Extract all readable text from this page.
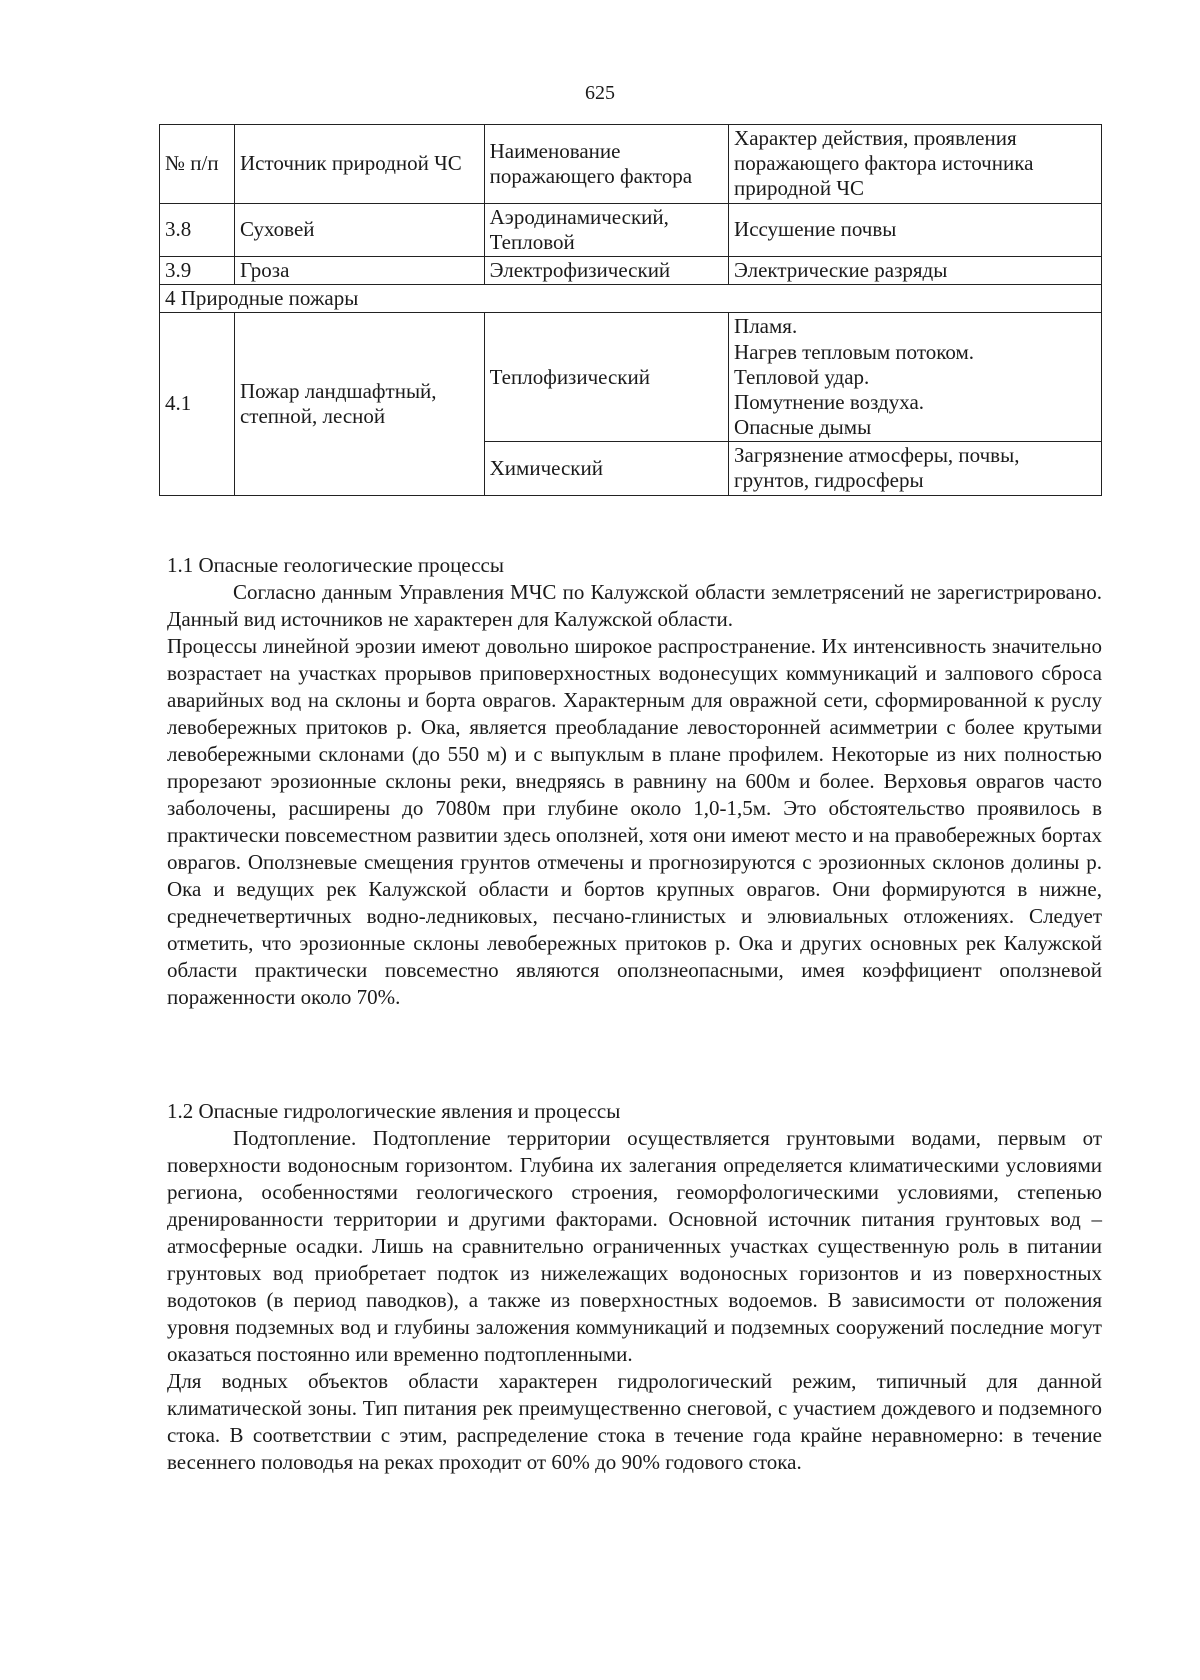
625
№ п/п	Источник природной ЧС	Наименование поражающего фактора	Характер действия, проявления поражающего фактора источника природной ЧС
3.8	Суховей	Аэродинамический, Тепловой	Иссушение почвы
3.9	Гроза	Электрофизический	Электрические разряды
4 Природные пожары			
4.1	Пожар ландшафтный, степной, лесной	Теплофизический	Пламя.
Нагрев тепловым потоком.
Тепловой удар.
Помутнение воздуха.
Опасные дымы

		Химический	Загрязнение атмосферы, почвы, грунтов, гидросферы

1.1 Опасные геологические процессы

Согласно данным Управления МЧС по Калужской области землетрясений не зарегистрировано. Данный вид источников не характерен для Калужской области.

Процессы линейной эрозии имеют довольно широкое распространение. Их интенсивность значительно возрастает на участках прорывов приповерхностных водонесущих коммуникаций и залпового сброса аварийных вод на склоны и борта оврагов. Характерным для овражной сети, сформированной к руслу левобережных притоков р. Ока, является преобладание левосторонней асимметрии с более крутыми левобережными склонами (до 550 м) и с выпуклым в плане профилем. Некоторые из них полностью прорезают эрозионные склоны реки, внедряясь в равнину на 600м и более. Верховья оврагов часто заболочены, расширены до 7080м при глубине около 1,0-1,5м. Это обстоятельство проявилось в практически повсеместном развитии здесь оползней, хотя они имеют место и на правобережных бортах оврагов. Оползневые смещения грунтов отмечены и прогнозируются с эрозионных склонов долины р. Ока и ведущих рек Калужской области и бортов крупных оврагов. Они формируются в нижне, среднечетвертичных водно-ледниковых, песчано-глинистых и элювиальных отложениях. Следует отметить, что эрозионные склоны левобережных притоков р. Ока и других основных рек Калужской области практически повсеместно являются оползнеопасными, имея коэффициент оползневой пораженности около 70%.

1.2 Опасные гидрологические явления и процессы

Подтопление. Подтопление территории осуществляется грунтовыми водами, первым от поверхности водоносным горизонтом. Глубина их залегания определяется климатическими условиями региона, особенностями геологического строения, геоморфологическими условиями, степенью дренированности территории и другими факторами. Основной источник питания грунтовых вод – атмосферные осадки. Лишь на сравнительно ограниченных участках существенную роль в питании грунтовых вод приобретает подток из нижележащих водоносных горизонтов и из поверхностных водотоков (в период паводков), а также из поверхностных водоемов. В зависимости от положения уровня подземных вод и глубины заложения коммуникаций и подземных сооружений последние могут оказаться постоянно или временно подтопленными.

Для водных объектов области характерен гидрологический режим, типичный для данной климатической зоны. Тип питания рек преимущественно снеговой, с участием дождевого и подземного стока. В соответствии с этим, распределение стока в течение года крайне неравномерно: в течение весеннего половодья на реках проходит от 60% до 90% годового стока.
